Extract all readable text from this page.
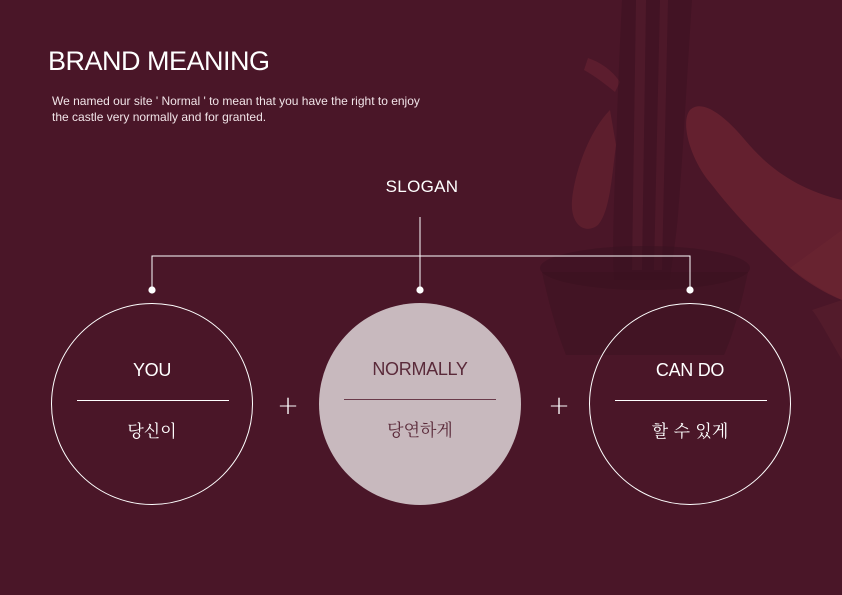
BRAND MEANING
We named our site ' Normal ' to mean that you have the right to enjoy
the castle very normally and for granted.
SLOGAN
YOU
당신이
+
NORMALLY
당연하게
+
CAN DO
할 수 있게
